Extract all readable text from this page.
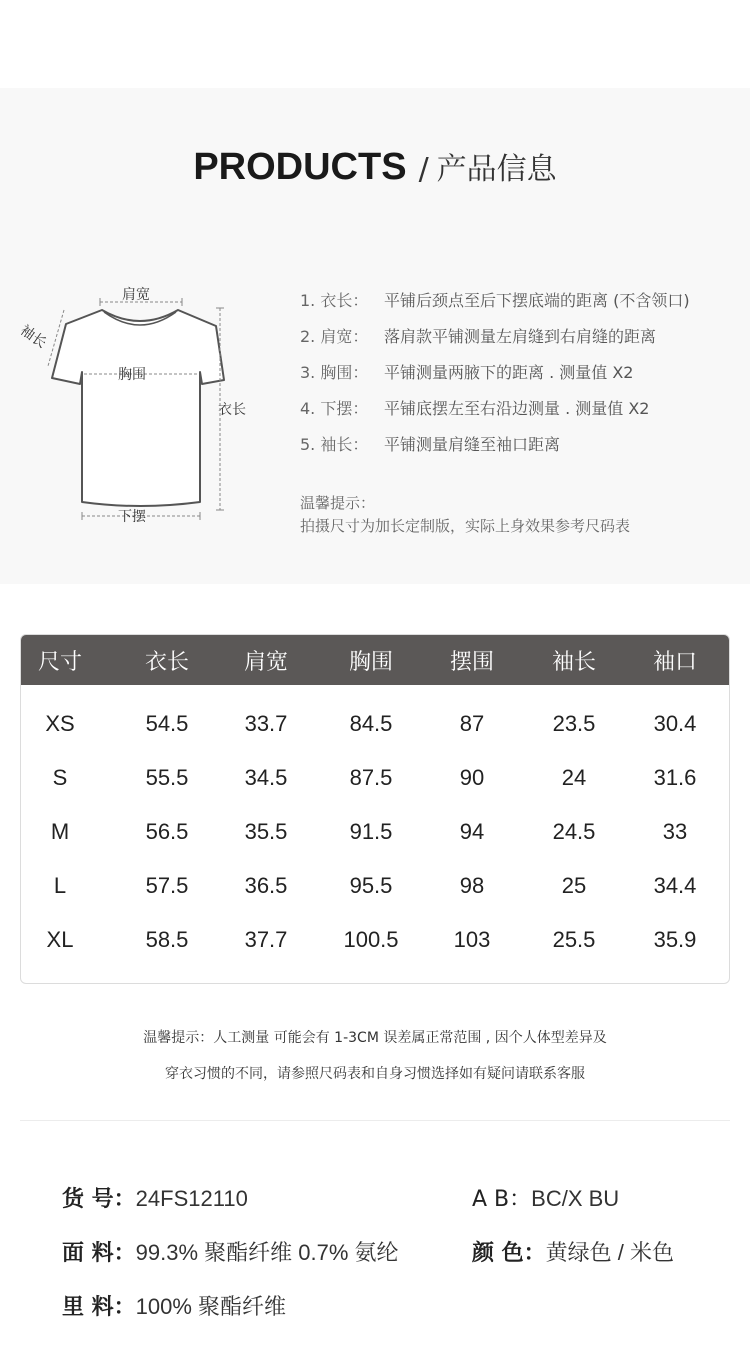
PRODUCTS / 产品信息
肩宽
袖长
胸围
衣长
下摆
1. 衣长： 平铺后颈点至后下摆底端的距离 (不含领口)
2. 肩宽： 落肩款平铺测量左肩缝到右肩缝的距离
3. 胸围： 平铺测量两腋下的距离 . 测量值 X2
4. 下摆： 平铺底摆左至右沿边测量 . 测量值 X2
5. 袖长： 平铺测量肩缝至袖口距离
温馨提示：
拍摄尺寸为加长定制版，实际上身效果参考尺码表
尺寸	衣长	肩宽	胸围	摆围	袖长	袖口
XS	54.5	33.7	84.5	87	23.5	30.4
S	55.5	34.5	87.5	90	24	31.6
M	56.5	35.5	91.5	94	24.5	33
L	57.5	36.5	95.5	98	25	34.4
XL	58.5	37.7	100.5	103	25.5	35.9
温馨提示：人工测量 可能会有 1-3CM 误差属正常范围 , 因个人体型差异及
穿衣习惯的不同，请参照尺码表和自身习惯选择如有疑问请联系客服
货 号：24FS12110	A B：BC/X BU
面 料：99.3% 聚酯纤维 0.7% 氨纶	颜 色：黄绿色 / 米色
里 料：100% 聚酯纤维
